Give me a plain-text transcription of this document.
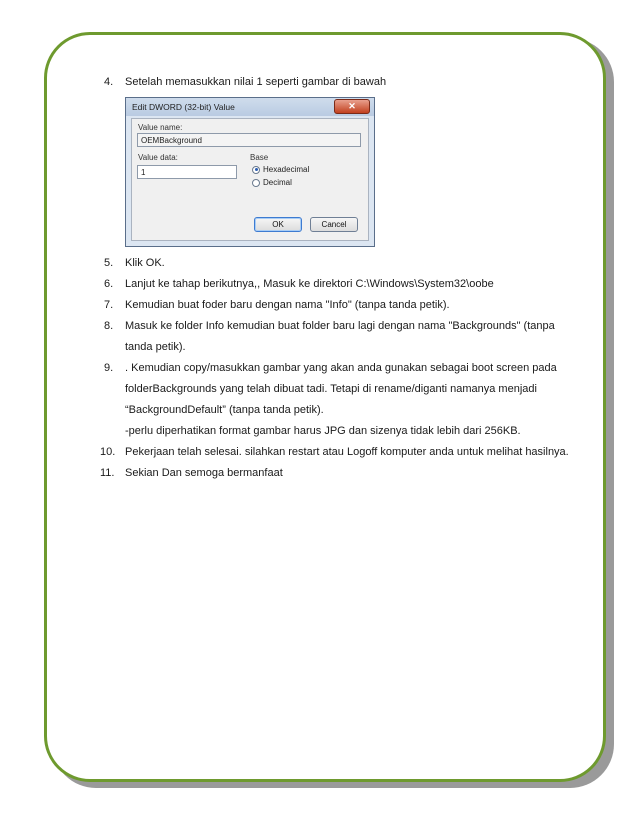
4. Setelah memasukkan nilai 1 seperti gambar di bawah
Edit DWORD (32-bit) Value	✕
Value name:
OEMBackground
Value data:
1
Base
Hexadecimal
Decimal
OK	Cancel
5. Klik OK.
6. Lanjut ke tahap berikutnya,, Masuk ke direktori C:\Windows\System32\oobe
7. Kemudian buat foder baru dengan nama "Info" (tanpa tanda petik).
8. Masuk ke folder Info kemudian buat folder baru lagi dengan nama "Backgrounds" (tanpa tanda petik).
9. . Kemudian copy/masukkan gambar yang akan anda gunakan sebagai boot screen pada folderBackgrounds yang telah dibuat tadi. Tetapi di rename/diganti namanya menjadi “BackgroundDefault” (tanpa tanda petik).
-perlu diperhatikan format gambar harus JPG dan sizenya tidak lebih dari 256KB.
10. Pekerjaan telah selesai. silahkan restart atau Logoff komputer anda untuk melihat hasilnya.
11. Sekian Dan semoga bermanfaat
